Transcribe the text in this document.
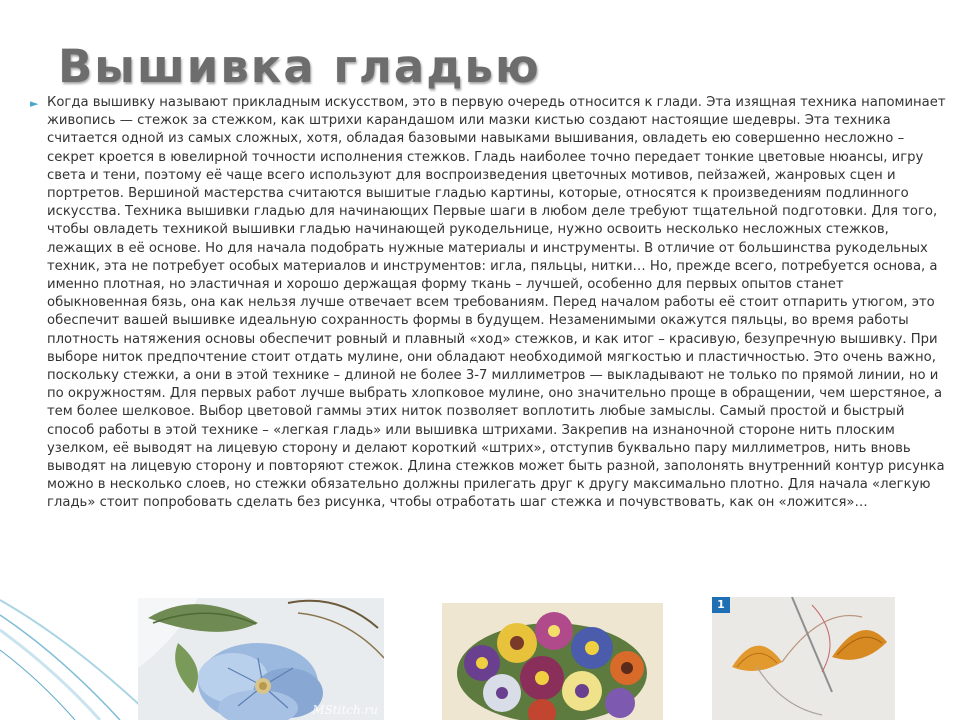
Вышивка гладью
► Когда вышивку называют прикладным искусством, это в первую очередь относится к глади. Эта изящная техника напоминает живопись — стежок за стежком, как штрихи карандашом или мазки кистью создают настоящие шедевры. Эта техника считается одной из самых сложных, хотя, обладая базовыми навыками вышивания, овладеть ею совершенно несложно – секрет кроется в ювелирной точности исполнения стежков. Гладь наиболее точно передает тонкие цветовые нюансы, игру света и тени, поэтому её чаще всего используют для воспроизведения цветочных мотивов, пейзажей, жанровых сцен и портретов. Вершиной мастерства считаются вышитые гладью картины, которые, относятся к произведениям подлинного искусства. Техника вышивки гладью для начинающих Первые шаги в любом деле требуют тщательной подготовки. Для того, чтобы овладеть техникой вышивки гладью начинающей рукодельнице, нужно освоить несколько несложных стежков, лежащих в её основе. Но для начала подобрать нужные материалы и инструменты. В отличие от большинства рукодельных техник, эта не потребует особых материалов и инструментов: игла, пяльцы, нитки… Но, прежде всего, потребуется основа, а именно плотная, но эластичная и хорошо держащая форму ткань – лучшей, особенно для первых опытов станет обыкновенная бязь, она как нельзя лучше отвечает всем требованиям. Перед началом работы её стоит отпарить утюгом, это обеспечит вашей вышивке идеальную сохранность формы в будущем. Незаменимыми окажутся пяльцы, во время работы плотность натяжения основы обеспечит ровный и плавный «ход» стежков, и как итог – красивую, безупречную вышивку. При выборе ниток предпочтение стоит отдать мулине, они обладают необходимой мягкостью и пластичностью. Это очень важно, поскольку стежки, а они в этой технике – длиной не более 3-7 миллиметров — выкладывают не только по прямой линии, но и по окружностям. Для первых работ лучше выбрать хлопковое мулине, оно значительно проще в обращении, чем шерстяное, а тем более шелковое. Выбор цветовой гаммы этих ниток позволяет воплотить любые замыслы. Самый простой и быстрый способ работы в этой технике – «легкая гладь» или вышивка штрихами. Закрепив на изнаночной стороне нить плоским узелком, её выводят на лицевую сторону и делают короткий «штрих», отступив буквально пару миллиметров, нить вновь выводят на лицевую сторону и повторяют стежок. Длина стежков может быть разной, заполонять внутренний контур рисунка можно в несколько слоев, но стежки обязательно должны прилегать друг к другу максимально плотно. Для начала «легкую гладь» стоит попробовать сделать без рисунка, чтобы отработать шаг стежка и почувствовать, как он «ложится»…

MStitch.ru
1
